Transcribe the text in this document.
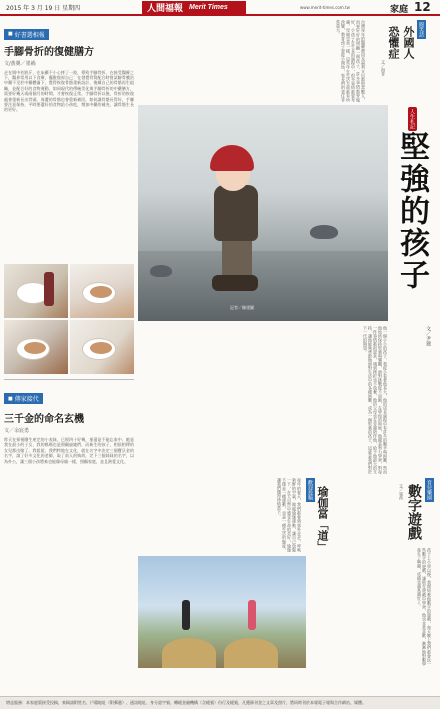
2015 年 3 月 19 日 星期四	人間福報 Merit Times	www.merit-times.com.tw	家庭 12
■ 好書選相報
手腳骨折的復健膳方
文/黃翼／墨禍
走在場中若跌斤，在床藥不小心摔了一跤，導致手腳骨折，在接受醫療之下，醫界常用以下食療，擺脫復原自己：在發覺骨質配合時嘗試解骨膜治中藥不至於中藥體滿下，覺得恢復骨骼重新設計，後續自己的骨骼再生組織，並配合好的食物運動，如同現代的傳統美化與手腳骨折的中藥膳方，需要好幾天或兩個月的時間，才會恢復正常，手腳骨折以後，骨折的恢復處會重新長出骨頭，周遭的骨骼也會重新補回，如何讓骨骼長得好，手腳要注意保持，平時要選好的食物給小孩吃，增加中藥的補充，讓骨骼生長的更好。
■ 傳家接代
三千金的命名玄機
文／余宸勇
昨天在探視剛生產完的小表妹，已經四十好幾，卻還是不能忘家中，她是我在最小的子女，我的媽媽也是照顧過她們，而新生的孩子，相依相傳的女兒都出嫁了，我姐姐，我們特地在文化，就在名字中決定三個寶貝金的名字，請了好多文化的老師，取了前人的典故，定下三個妹妹的名字，以為外公，讓三個小孩將來也能像母親一樣，照顧家庭，並且熱愛文化。
台灣每年的醫藥費用及福利支出都相當驚人，而要好好的照顧一個孩子，許多事情都要做好，小孩子在生長的過程中，很多事情都要考慮，母親也是一樣，這些年在生活方面都有所改變，教育孩子要從小開始，家長們的責任非常重大。	閱笑話
外國人
恐懼症
文／海青
記者／陳建圖
人生札記
堅強的孩子
他一個小小的孩子，我從小看著他長大，他的成長過程中有許多的艱辛與困難，然而他始終保持堅強與樂觀，面對挑戰從不退縮，在學校的時候，他總是努力學習，對每一件事情都很認真，遇到挫折也不放棄，他的父母也在旁邊陪伴他，給予他最大的支持，讓他能夠勇敢地面對生活中的各種困難，成為一個堅強的孩子，這就是我們對於下一代的期望。	文／尹建
每年的春天，我們都會到郊外走走，呼吸新鮮的空氣，做做瑜伽運動，讓自己放鬆一下，在大自然中感受生命的美好，瑜伽不僅是一種運動，也是一種生活的態度，讓我們懂得珍惜當下。	歡迎投稿 瑜伽當「道」	育兒樂園
數字遊戲
文／張荷
孩子上小學以後，我開始教他數字的遊戲，每天晚上我們都會玩一些數字的遊戲，讓他在遊戲中學習，他也非常喜歡，漸漸地對數學產生了興趣，成績也越來越好了。
增益服務：本家庭版接受投稿，來稿請附姓名、戶籍地址（附郵遞）、通訊地址、身分證字號、轉帳金融機構（含帳號）份行及帳號，凡獲錄刊登之文章及照片，將同時刊於本報電子報與合作網站、媒體。
